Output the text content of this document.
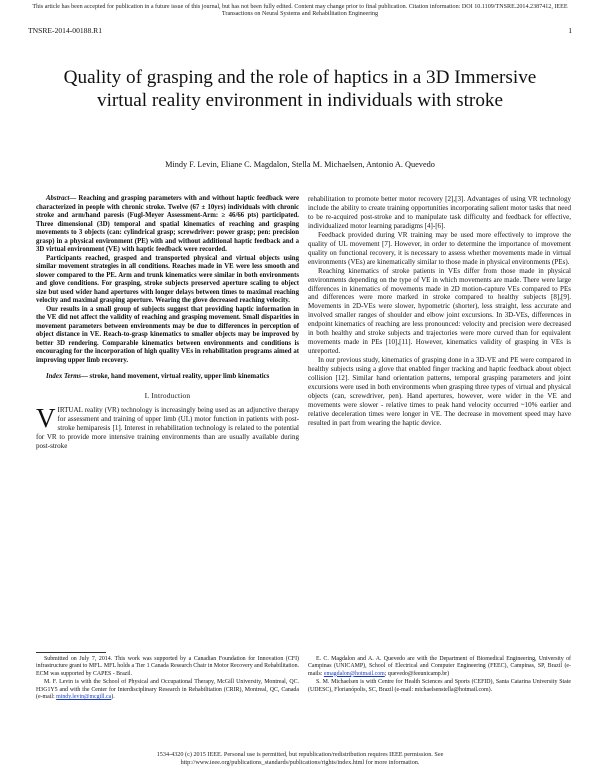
This article has been accepted for publication in a future issue of this journal, but has not been fully edited. Content may change prior to final publication. Citation information: DOI 10.1109/TNSRE.2014.2387412, IEEE Transactions on Neural Systems and Rehabilitation Engineering
TNSRE-2014-00188.R1	1
Quality of grasping and the role of haptics in a 3D Immersive virtual reality environment in individuals with stroke
Mindy F. Levin, Eliane C. Magdalon, Stella M. Michaelsen, Antonio A. Quevedo

Abstract— Reaching and grasping parameters with and without haptic feedback were characterized in people with chronic stroke. Twelve (67 ± 10yrs) individuals with chronic stroke and arm/hand paresis (Fugl-Meyer Assessment-Arm: ≥ 46/66 pts) participated. Three dimensional (3D) temporal and spatial kinematics of reaching and grasping movements to 3 objects (can: cylindrical grasp; screwdriver: power grasp; pen: precision grasp) in a physical environment (PE) with and without additional haptic feedback and a 3D virtual environment (VE) with haptic feedback were recorded.

Participants reached, grasped and transported physical and virtual objects using similar movement strategies in all conditions. Reaches made in VE were less smooth and slower compared to the PE. Arm and trunk kinematics were similar in both environments and glove conditions. For grasping, stroke subjects preserved aperture scaling to object size but used wider hand apertures with longer delays between times to maximal reaching velocity and maximal grasping aperture. Wearing the glove decreased reaching velocity.

Our results in a small group of subjects suggest that providing haptic information in the VE did not affect the validity of reaching and grasping movement. Small disparities in movement parameters between environments may be due to differences in perception of object distance in VE. Reach-to-grasp kinematics to smaller objects may be improved by better 3D rendering. Comparable kinematics between environments and conditions is encouraging for the incorporation of high quality VEs in rehabilitation programs aimed at improving upper limb recovery.

Index Terms— stroke, hand movement, virtual reality, upper limb kinematics

I. Introduction

VIRTUAL reality (VR) technology is increasingly being used as an adjunctive therapy for assessment and training of upper limb (UL) motor function in patients with post-stroke hemiparesis [1]. Interest in rehabilitation technology is related to the potential for VR to provide more intensive training environments than are usually available during post-stroke

rehabilitation to promote better motor recovery [2],[3]. Advantages of using VR technology include the ability to create training opportunities incorporating salient motor tasks that need to be re-acquired post-stroke and to manipulate task difficulty and feedback for effective, individualized motor learning paradigms [4]-[6].

Feedback provided during VR training may be used more effectively to improve the quality of UL movement [7]. However, in order to determine the importance of movement quality on functional recovery, it is necessary to assess whether movements made in virtual environments (VEs) are kinematically similar to those made in physical environments (PEs).

Reaching kinematics of stroke patients in VEs differ from those made in physical environments depending on the type of VE in which movements are made. There were large differences in kinematics of movements made in 2D motion-capture VEs compared to PEs and differences were more marked in stroke compared to healthy subjects [8],[9]. Movements in 2D-VEs were slower, hypometric (shorter), less straight, less accurate and involved smaller ranges of shoulder and elbow joint excursions. In 3D-VEs, differences in endpoint kinematics of reaching are less pronounced: velocity and precision were decreased in both healthy and stroke subjects and trajectories were more curved than for equivalent movements made in PEs [10],[11]. However, kinematics validity of grasping in VEs is unreported.

In our previous study, kinematics of grasping done in a 3D-VE and PE were compared in healthy subjects using a glove that enabled finger tracking and haptic feedback about object collision [12]. Similar hand orientation patterns, temporal grasping parameters and joint excursions were used in both environments when grasping three types of virtual and physical objects (can, screwdriver, pen). Hand apertures, however, were wider in the VE and movements were slower - relative times to peak hand velocity occurred ~10% earlier and relative deceleration times were longer in VE. The decrease in movement speed may have resulted in part from wearing the haptic device.

Submitted on July 7, 2014. This work was supported by a Canadian Foundation for Innovation (CFI) infrastructure grant to MFL. MFL holds a Tier 1 Canada Research Chair in Motor Recovery and Rehabilitation. ECM was supported by CAPES - Brazil.

M. F. Levin is with the School of Physical and Occupational Therapy, McGill University, Montreal, QC. H3G1Y5 and with the Center for Interdisciplinary Research in Rehabilitation (CRIR), Montreal, QC, Canada (e-mail: mindy.levin@mcgill.ca).

E. C. Magdalon and A. A. Quevedo are with the Department of Biomedical Engineering, University of Campinas (UNICAMP), School of Electrical and Computer Engineering (FEEC), Campinas, SP, Brazil (e-mails: emagdalon@hotmail.com; quevedo@feeunicamp.br)

S. M. Michaelsen is with Centre for Health Sciences and Sports (CEFID), Santa Catarina University State (UDESC), Florianópolis, SC, Brazil (e-mail: michaelsenstella@hotmail.com).

1534-4320 (c) 2015 IEEE. Personal use is permitted, but republication/redistribution requires IEEE permission. See
http://www.ieee.org/publications_standards/publications/rights/index.html for more information.
